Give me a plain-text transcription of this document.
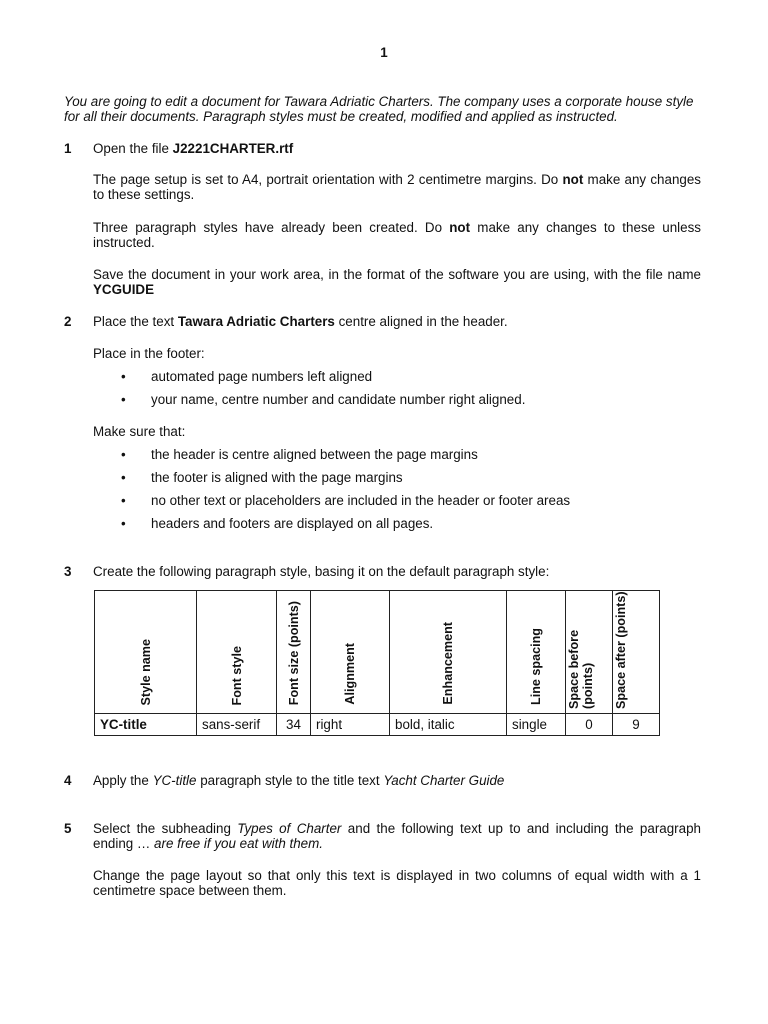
1
You are going to edit a document for Tawara Adriatic Charters. The company uses a corporate house style for all their documents. Paragraph styles must be created, modified and applied as instructed.
1 Open the file J2221CHARTER.rtf
The page setup is set to A4, portrait orientation with 2 centimetre margins. Do not make any changes to these settings.
Three paragraph styles have already been created. Do not make any changes to these unless instructed.
Save the document in your work area, in the format of the software you are using, with the file name YCGUIDE
2 Place the text Tawara Adriatic Charters centre aligned in the header.
Place in the footer:
• automated page numbers left aligned
• your name, centre number and candidate number right aligned.
Make sure that:
• the header is centre aligned between the page margins
• the footer is aligned with the page margins
• no other text or placeholders are included in the header or footer areas
• headers and footers are displayed on all pages.
3 Create the following paragraph style, basing it on the default paragraph style:
Style name	Font style	Font size (points)	Alignment	Enhancement	Line spacing	Space before (points)	Space after (points)

YC-title	sans-serif	34	right	bold, italic	single	0	9
4 Apply the YC-title paragraph style to the title text Yacht Charter Guide
5 Select the subheading Types of Charter and the following text up to and including the paragraph ending … are free if you eat with them.
Change the page layout so that only this text is displayed in two columns of equal width with a 1 centimetre space between them.
